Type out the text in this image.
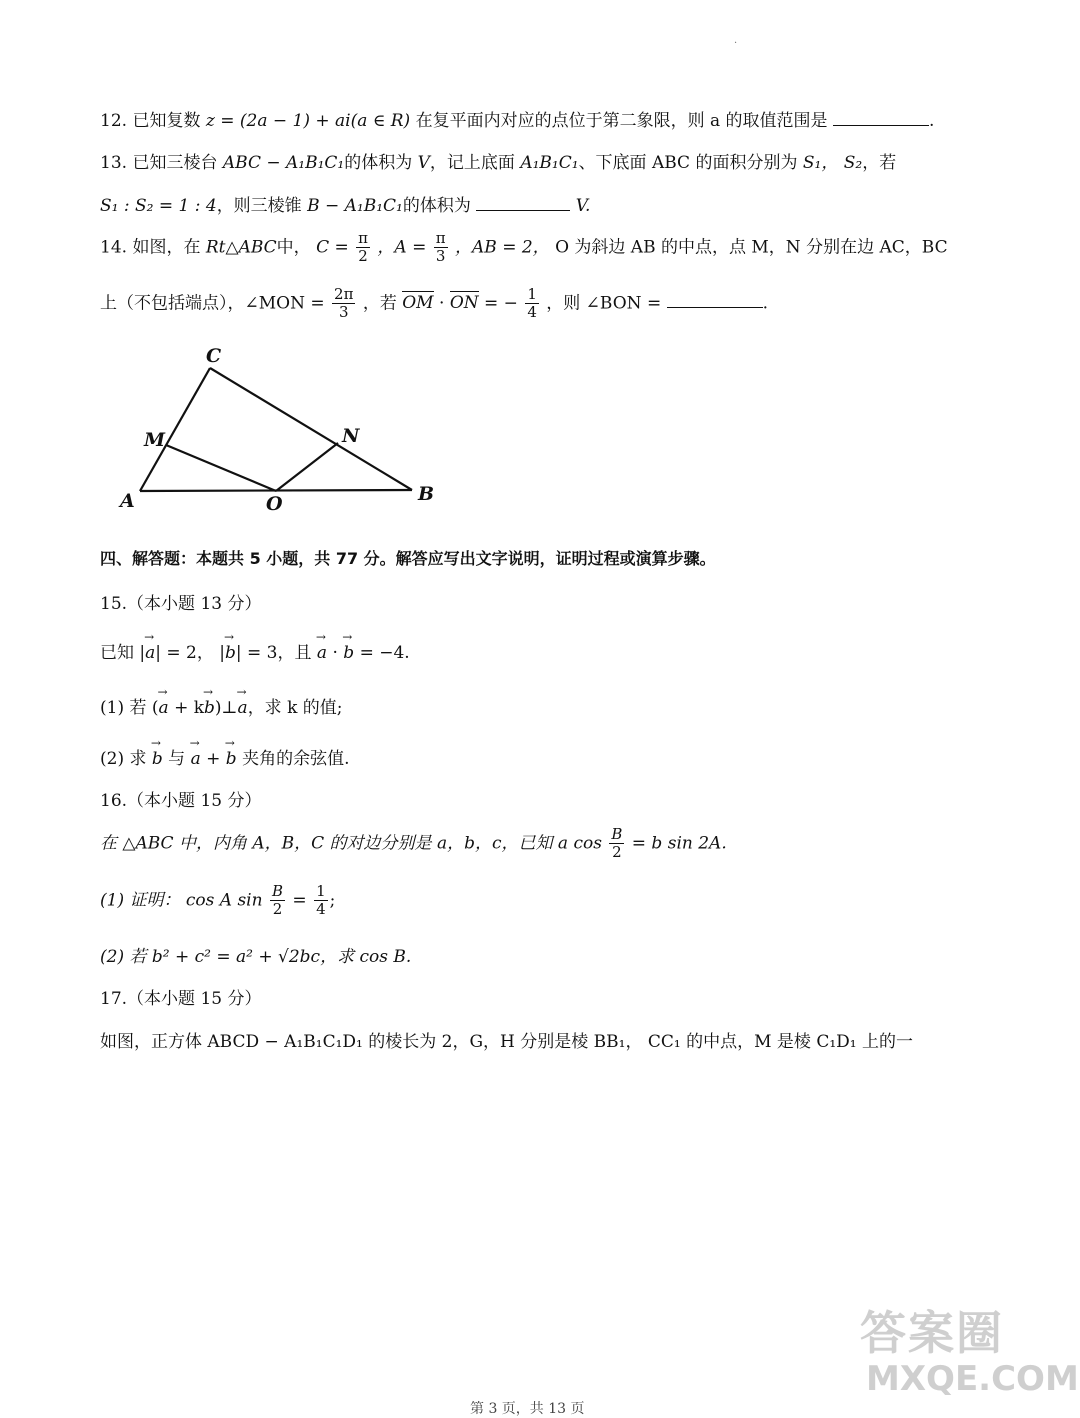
·
12. 已知复数 z = (2a − 1) + ai(a ∈ R) 在复平面内对应的点位于第二象限，则 a 的取值范围是	.
13. 已知三棱台 ABC − A₁B₁C₁的体积为 V，记上底面 A₁B₁C₁、下底面 ABC 的面积分别为 S₁， S₂，若
S₁ : S₂ = 1 : 4，则三棱锥 B − A₁B₁C₁的体积为	V.
14. 如图，在 Rt△ABC中， $C = \frac{\pi}{2}$ ，$A = \frac{\pi}{3}$ ，AB = 2， O 为斜边 AB 的中点，点 M，N 分别在边 AC，BC
上（不包括端点），∠MON = $\frac{2\pi}{3}$ ，若 OM · ON = − $\frac{1}{4}$ ，则 ∠BON =	.
C
M	N
A	O	B
四、解答题：本题共 5 小题，共 77 分。解答应写出文字说明，证明过程或演算步骤。
15.（本小题 13 分）
已知 |→ a| = 2， |→ b| = 3，且 → a · → b = −4.
(1) 若 (→ a + k→ b)⊥→ a，求 k 的值;
(2) 求 → b 与 → a + → b 夹角的余弦值.
16.（本小题 15 分）
在 △ABC 中，内角 A，B，C 的对边分别是 a，b，c，已知 a $\cos \frac{B}{2} = b$ sin 2A.
(1) 证明： cos A $\sin \frac{B}{2} = \frac{1}{4}$ ;
(2) 若 b² + c² = a² + √2bc，求 cos B.
17.（本小题 15 分）
如图，正方体 ABCD − A₁B₁C₁D₁ 的棱长为 2，G，H 分别是棱 BB₁， CC₁ 的中点，M 是棱 C₁D₁ 上的一
答案圈
MXQE.COM
第 3 页，共 13 页
